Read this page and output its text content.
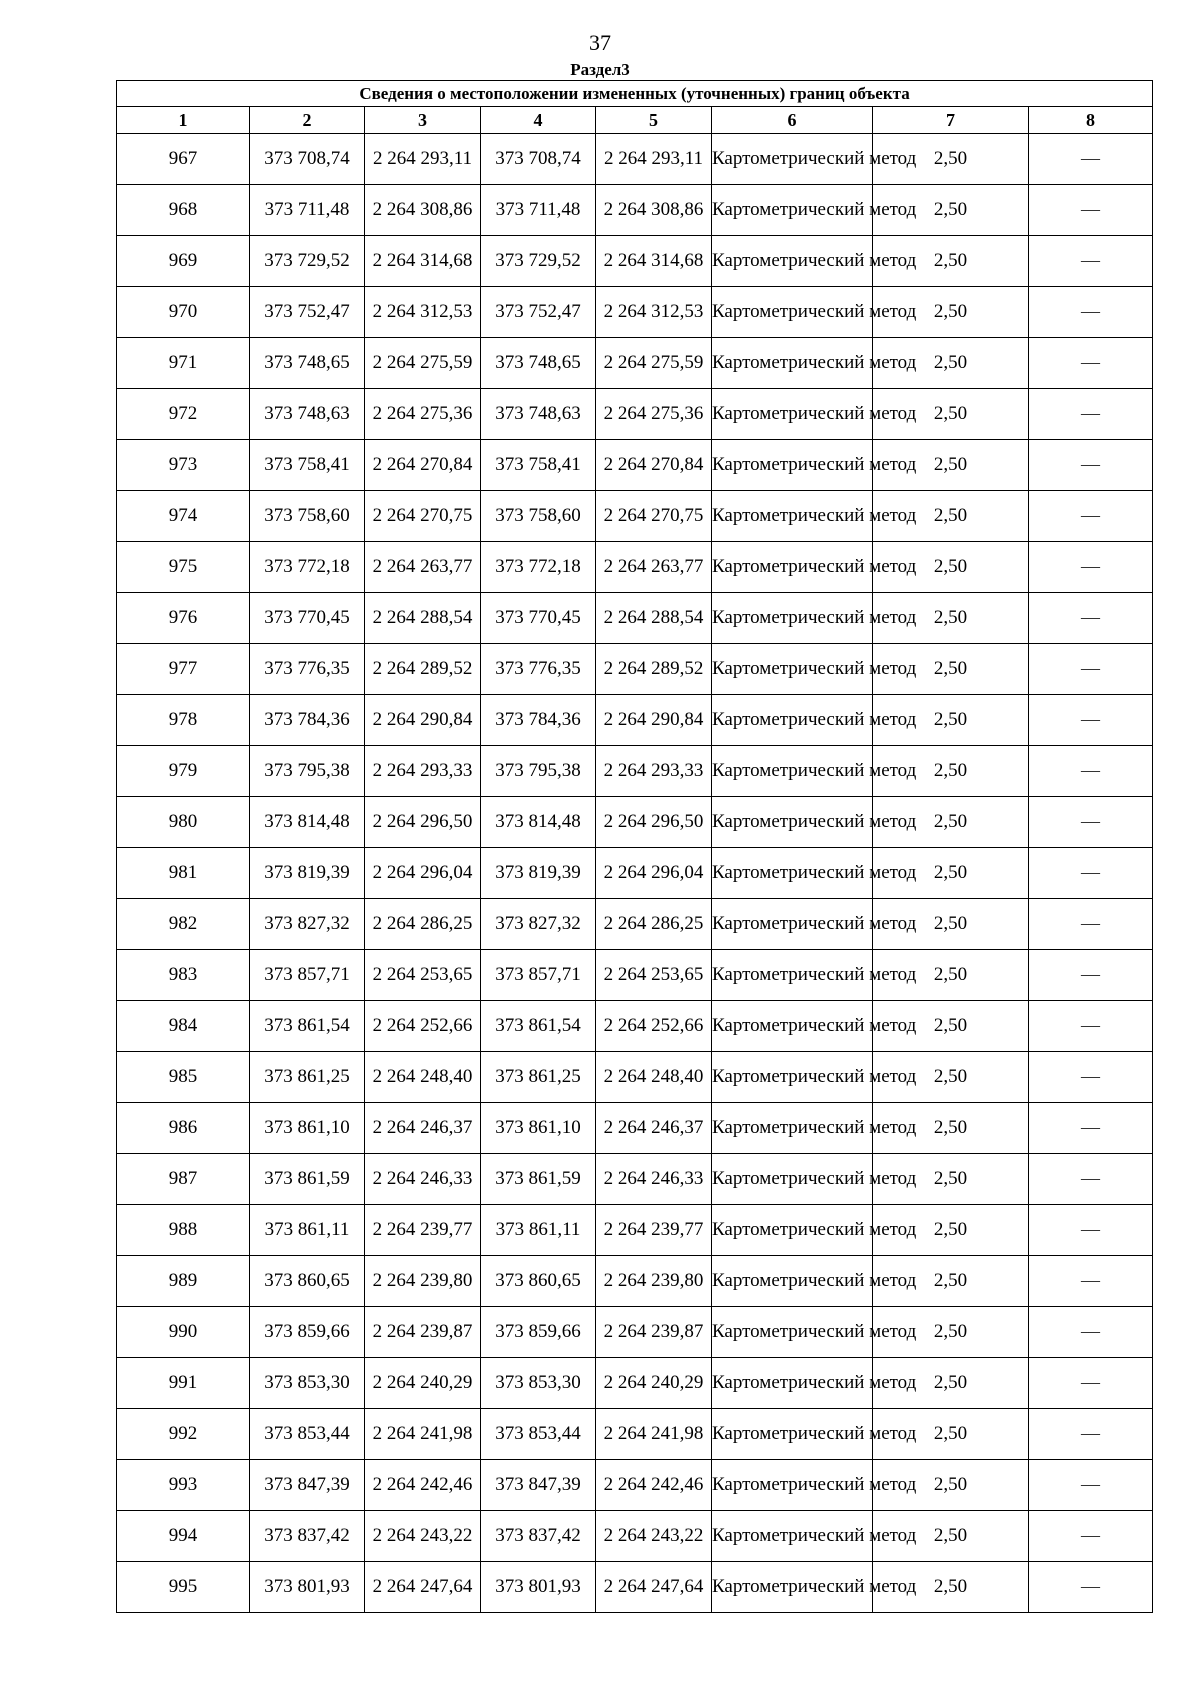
37
Раздел3
Сведения о местоположении измененных (уточненных) границ объекта							
1	2	3	4	5	6	7	8
967	373 708,74	2 264 293,11	373 708,74	2 264 293,11	Картометрический метод	2,50	—
968	373 711,48	2 264 308,86	373 711,48	2 264 308,86	Картометрический метод	2,50	—
969	373 729,52	2 264 314,68	373 729,52	2 264 314,68	Картометрический метод	2,50	—
970	373 752,47	2 264 312,53	373 752,47	2 264 312,53	Картометрический метод	2,50	—
971	373 748,65	2 264 275,59	373 748,65	2 264 275,59	Картометрический метод	2,50	—
972	373 748,63	2 264 275,36	373 748,63	2 264 275,36	Картометрический метод	2,50	—
973	373 758,41	2 264 270,84	373 758,41	2 264 270,84	Картометрический метод	2,50	—
974	373 758,60	2 264 270,75	373 758,60	2 264 270,75	Картометрический метод	2,50	—
975	373 772,18	2 264 263,77	373 772,18	2 264 263,77	Картометрический метод	2,50	—
976	373 770,45	2 264 288,54	373 770,45	2 264 288,54	Картометрический метод	2,50	—
977	373 776,35	2 264 289,52	373 776,35	2 264 289,52	Картометрический метод	2,50	—
978	373 784,36	2 264 290,84	373 784,36	2 264 290,84	Картометрический метод	2,50	—
979	373 795,38	2 264 293,33	373 795,38	2 264 293,33	Картометрический метод	2,50	—
980	373 814,48	2 264 296,50	373 814,48	2 264 296,50	Картометрический метод	2,50	—
981	373 819,39	2 264 296,04	373 819,39	2 264 296,04	Картометрический метод	2,50	—
982	373 827,32	2 264 286,25	373 827,32	2 264 286,25	Картометрический метод	2,50	—
983	373 857,71	2 264 253,65	373 857,71	2 264 253,65	Картометрический метод	2,50	—
984	373 861,54	2 264 252,66	373 861,54	2 264 252,66	Картометрический метод	2,50	—
985	373 861,25	2 264 248,40	373 861,25	2 264 248,40	Картометрический метод	2,50	—
986	373 861,10	2 264 246,37	373 861,10	2 264 246,37	Картометрический метод	2,50	—
987	373 861,59	2 264 246,33	373 861,59	2 264 246,33	Картометрический метод	2,50	—
988	373 861,11	2 264 239,77	373 861,11	2 264 239,77	Картометрический метод	2,50	—
989	373 860,65	2 264 239,80	373 860,65	2 264 239,80	Картометрический метод	2,50	—
990	373 859,66	2 264 239,87	373 859,66	2 264 239,87	Картометрический метод	2,50	—
991	373 853,30	2 264 240,29	373 853,30	2 264 240,29	Картометрический метод	2,50	—
992	373 853,44	2 264 241,98	373 853,44	2 264 241,98	Картометрический метод	2,50	—
993	373 847,39	2 264 242,46	373 847,39	2 264 242,46	Картометрический метод	2,50	—
994	373 837,42	2 264 243,22	373 837,42	2 264 243,22	Картометрический метод	2,50	—
995	373 801,93	2 264 247,64	373 801,93	2 264 247,64	Картометрический метод	2,50	—
